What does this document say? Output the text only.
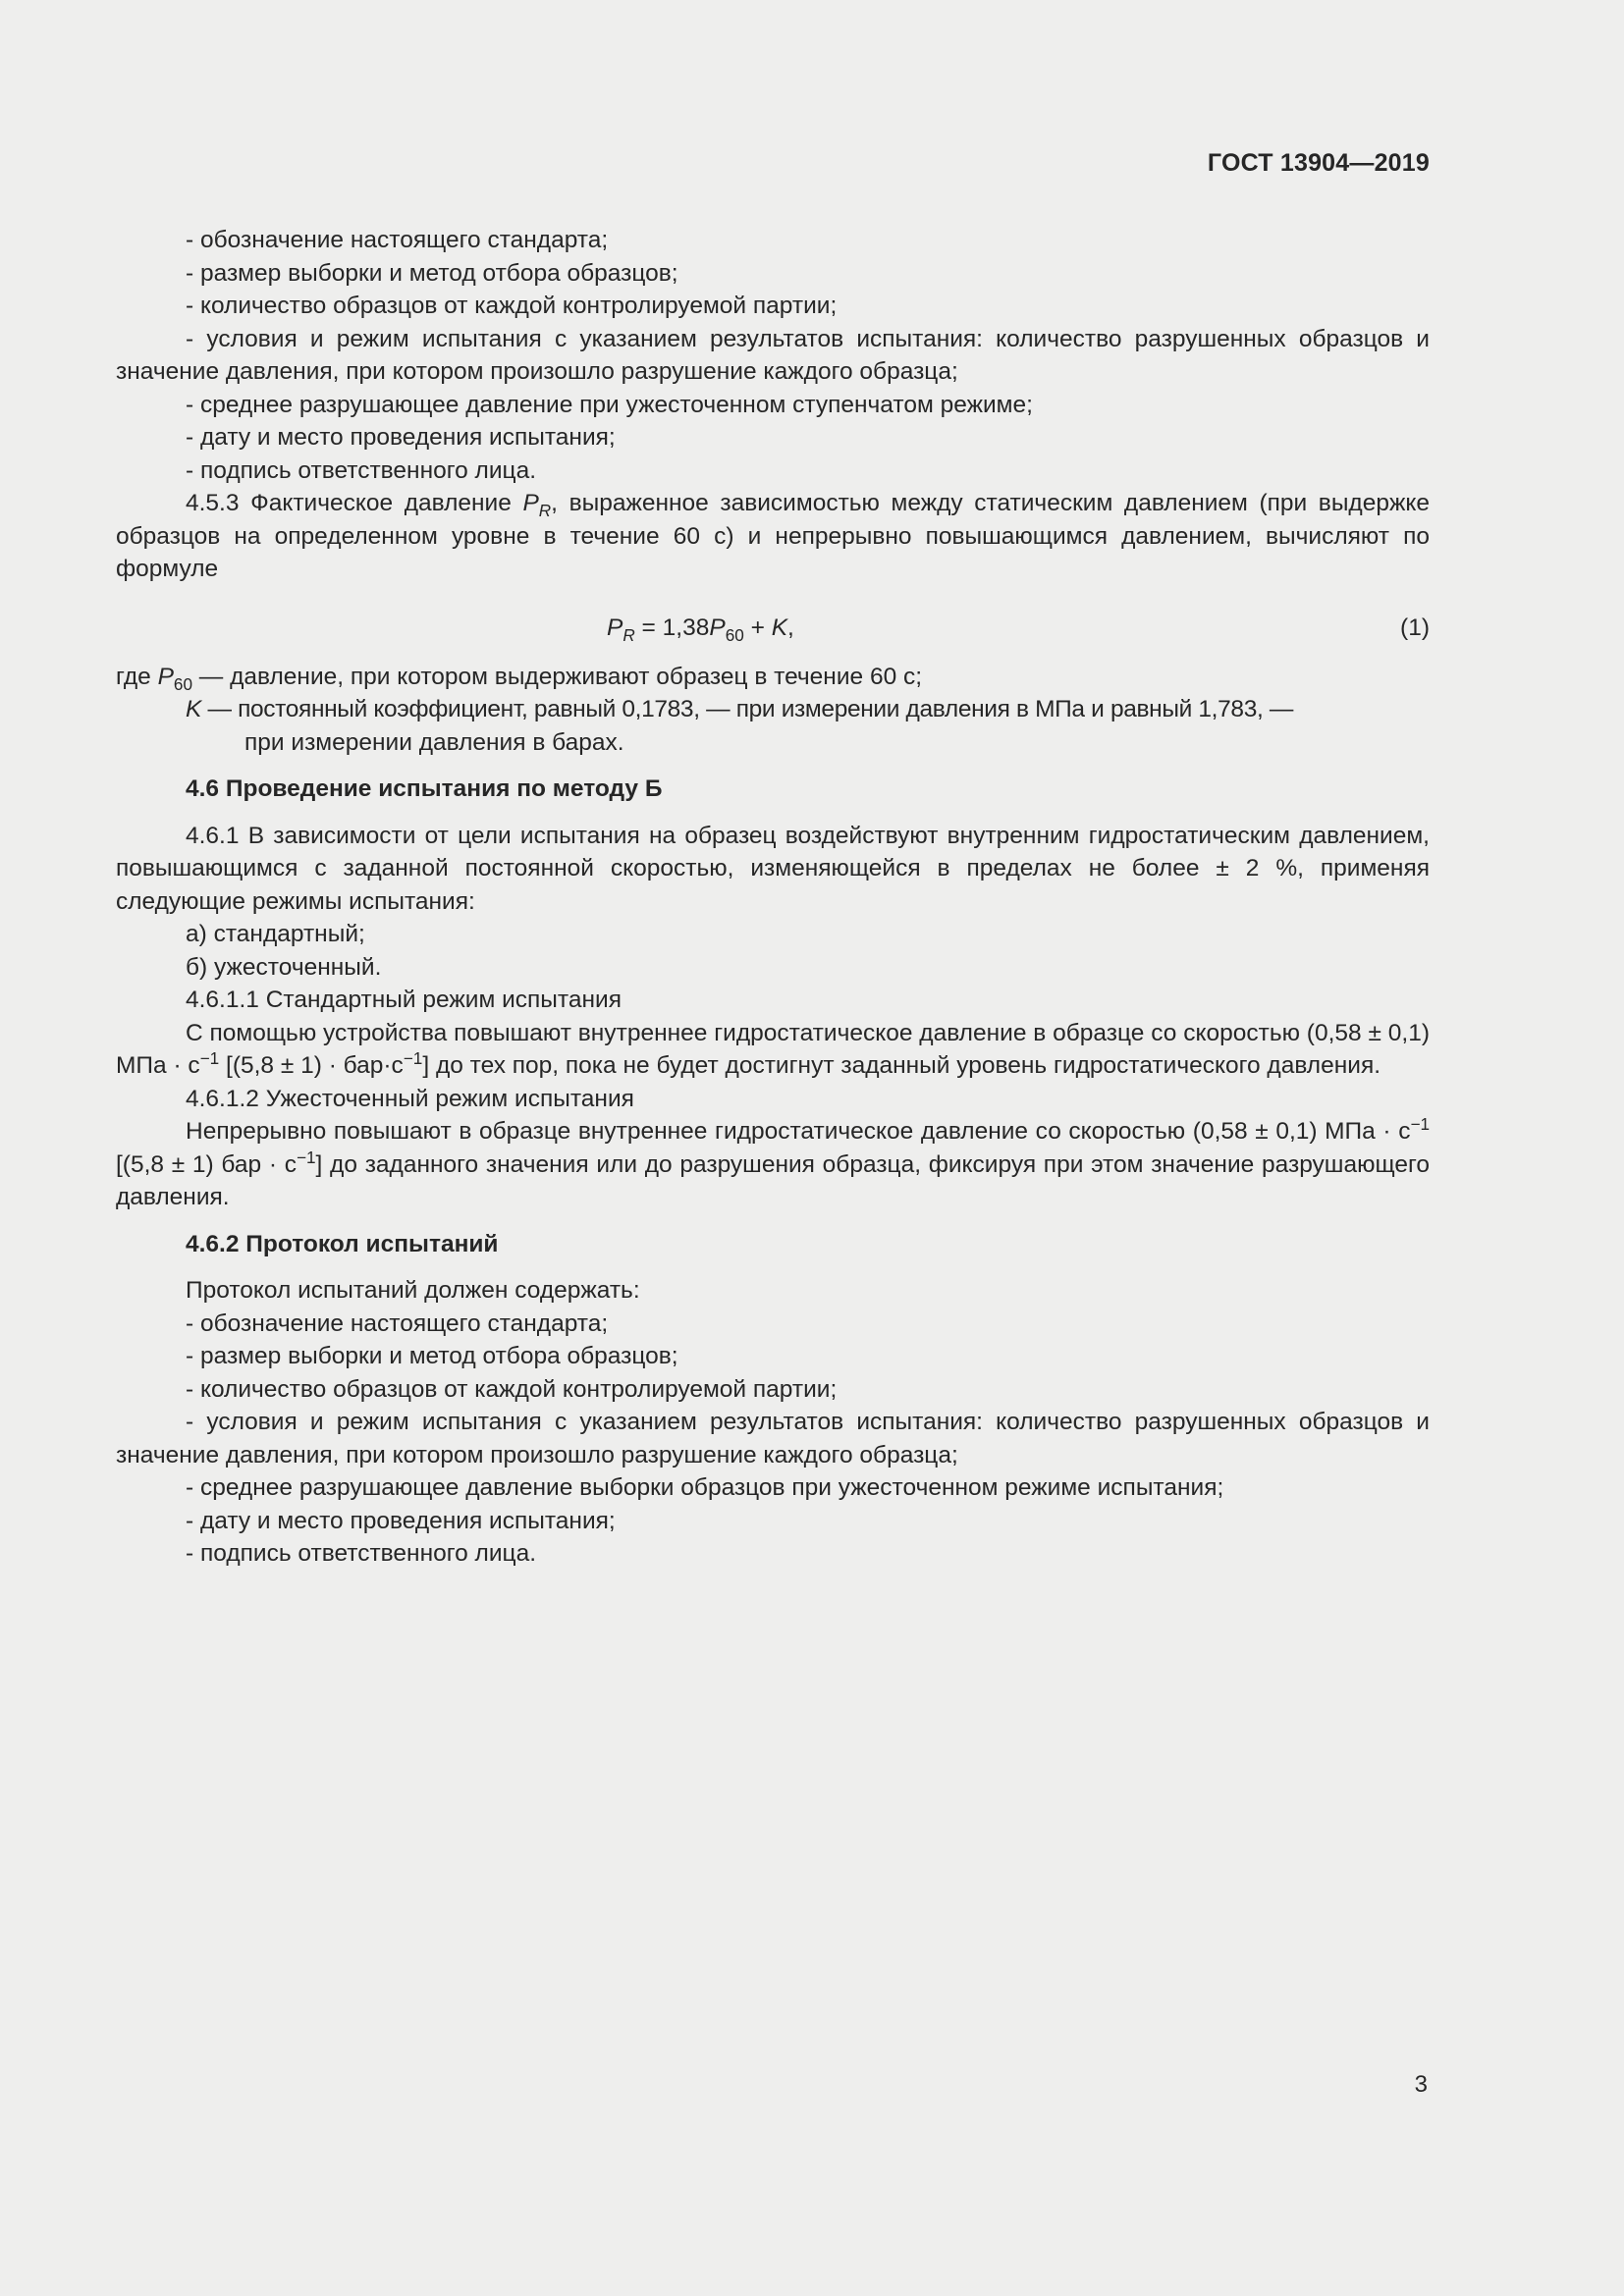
ГОСТ 13904—2019

- обозначение настоящего стандарта;

- размер выборки и метод отбора образцов;

- количество образцов от каждой контролируемой партии;

- условия и режим испытания с указанием результатов испытания: количество разрушенных образцов и значение давления, при котором произошло разрушение каждого образца;

- среднее разрушающее давление при ужесточенном ступенчатом режиме;

- дату и место проведения испытания;

- подпись ответственного лица.

4.5.3 Фактическое давление $P_R$, выраженное зависимостью между статическим давлением (при выдержке образцов на определенном уровне в течение 60 с) и непрерывно повышающимся давлением, вычисляют по формуле

$P_R = 1,38P_{60} + K$,	(1)

где $P_{60}$ — давление, при котором выдерживают образец в течение 60 с;

K — постоянный коэффициент, равный 0,1783, — при измерении давления в МПа и равный 1,783, —
при измерении давления в барах.

4.6 Проведение испытания по методу Б

4.6.1 В зависимости от цели испытания на образец воздействуют внутренним гидростатическим давлением, повышающимся с заданной постоянной скоростью, изменяющейся в пределах не более ± 2 %, применяя следующие режимы испытания:

а) стандартный;

б) ужесточенный.

4.6.1.1 Стандартный режим испытания

С помощью устройства повышают внутреннее гидростатическое давление в образце со скоростью (0,58 ± 0,1) МПа · $с^{-1}$ $[(5,8 \pm 1) \cdot бар\cdot с^{-1}]$ до тех пор, пока не будет достигнут заданный уровень гидростатического давления.

4.6.1.2 Ужесточенный режим испытания

Непрерывно повышают в образце внутреннее гидростатическое давление со скоростью (0,58 ± 0,1) МПа · $с^{-1}$ [(5,8 ± 1) бар · $с^{-1}$] до заданного значения или до разрушения образца, фиксируя при этом значение разрушающего давления.

4.6.2 Протокол испытаний

Протокол испытаний должен содержать:

- обозначение настоящего стандарта;

- размер выборки и метод отбора образцов;

- количество образцов от каждой контролируемой партии;

- условия и режим испытания с указанием результатов испытания: количество разрушенных образцов и значение давления, при котором произошло разрушение каждого образца;

- среднее разрушающее давление выборки образцов при ужесточенном режиме испытания;

- дату и место проведения испытания;

- подпись ответственного лица.

3
